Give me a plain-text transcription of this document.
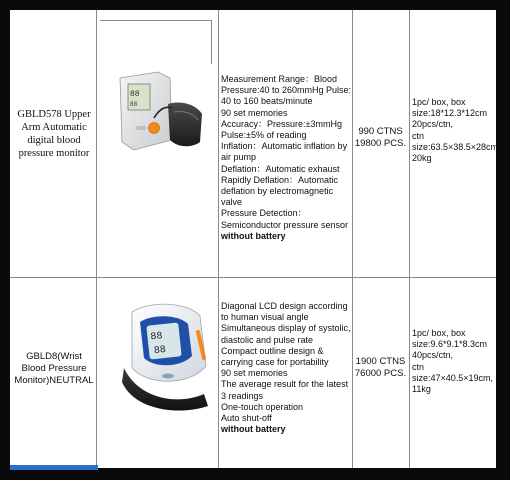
GBLD578 Upper Arm Automatic digital blood pressure monitor
88
88
Measurement Range：Blood Pressure:40 to 260mmHg Pulse: 40 to 160 beats/minute
90 set memories
Accuracy：Pressure:±3mmHg Pulse:±5% of reading
Inflation：Automatic inflation by air pump
Deflation：Automatic exhaust
Rapidly Deflation：Automatic deflation by electromagnetic valve
Pressure Detection：Semiconductor pressure sensor
without battery
990 CTNS 19800 PCS.
1pc/ box, box
size:18*12.3*12cm
20pcs/ctn,
ctn
size:63.5×38.5×28cm,
20kg
GBLD8(Wrist Blood Pressure Monitor)NEUTRAL
88
88
Diagonal LCD design according to human visual angle
Simultaneous display of systolic, diastolic and pulse rate
Compact outline design & carrying case for portability
90 set memories
The average result for the latest 3 readings
One-touch operation
Auto shut-off
without battery
1900 CTNS 76000 PCS.
1pc/ box, box
size:9.6*9.1*8.3cm
40pcs/ctn,
ctn
size:47×40.5×19cm,
11kg
